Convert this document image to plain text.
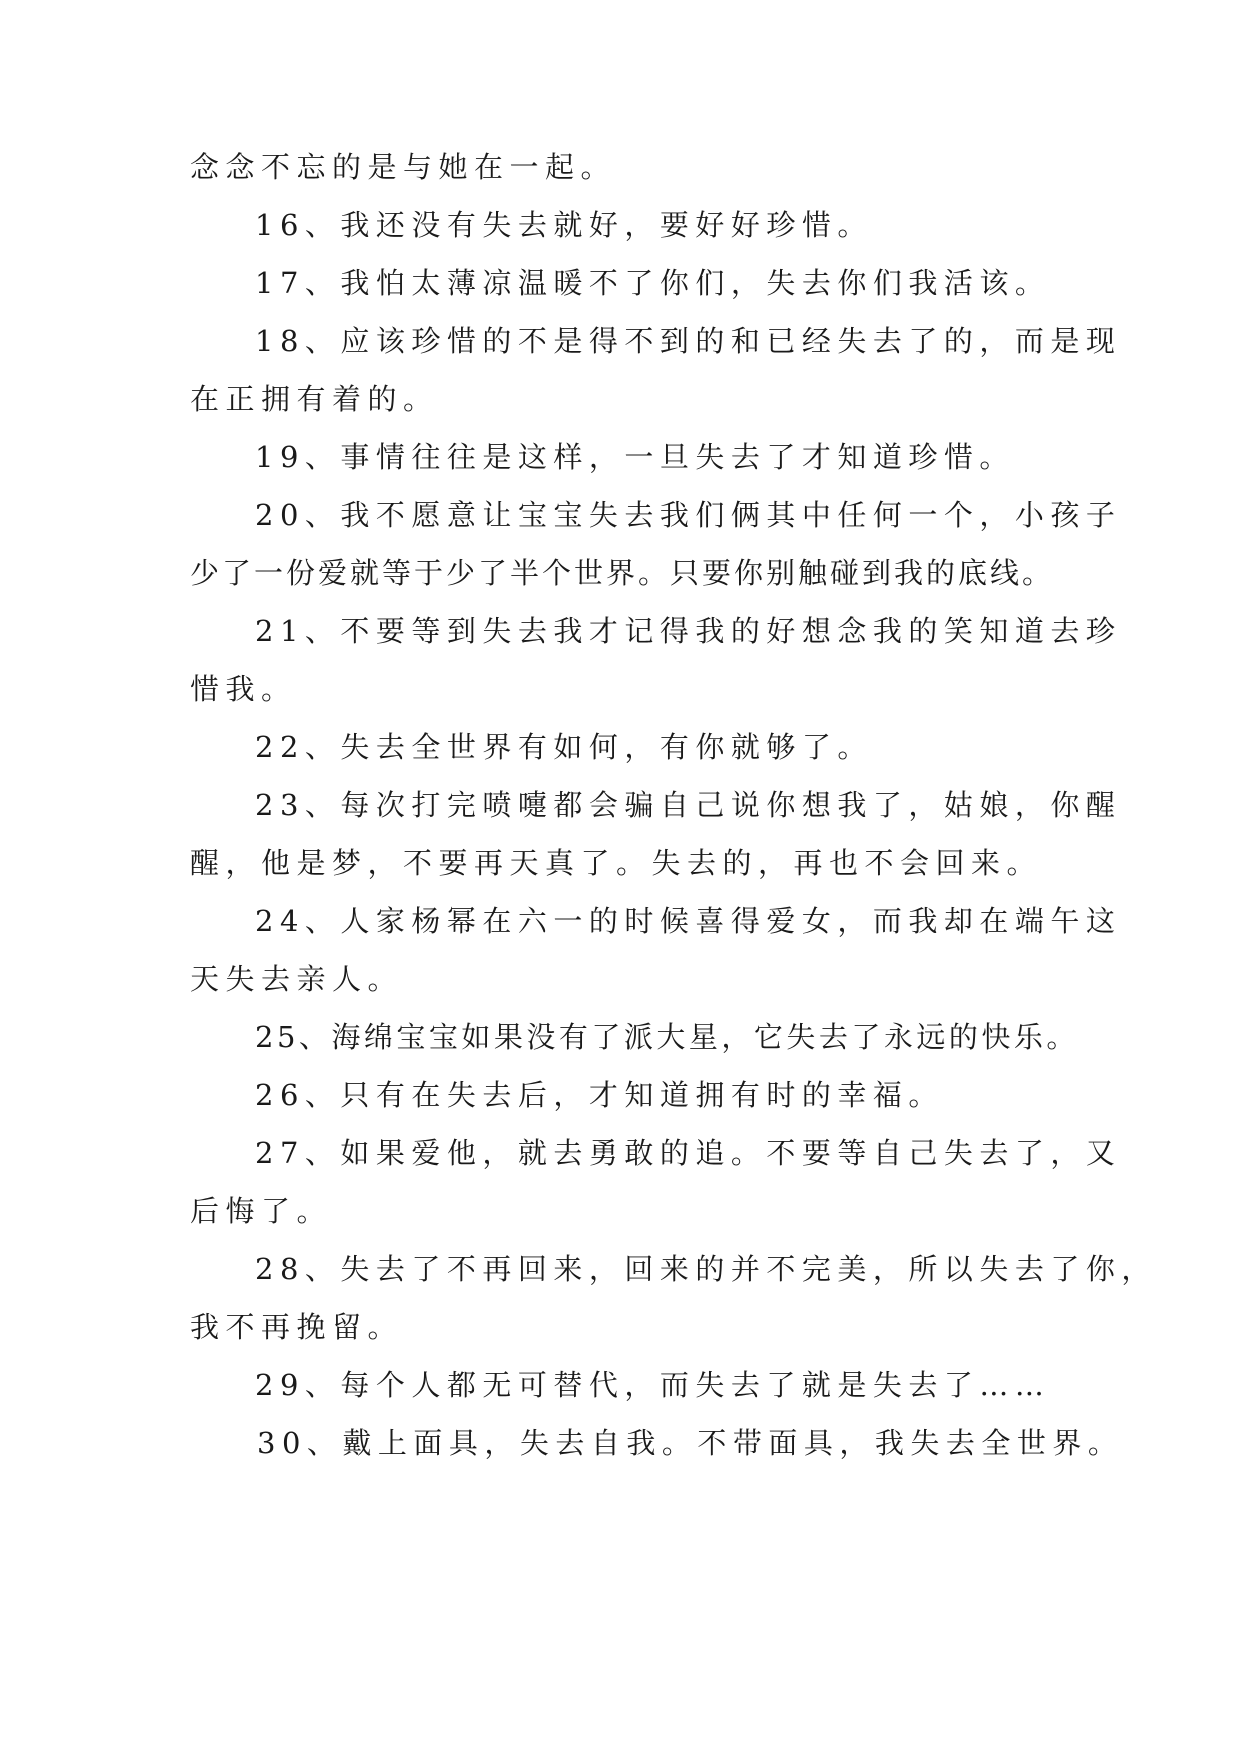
念念不忘的是与她在一起。
16、我还没有失去就好，要好好珍惜。
17、我怕太薄凉温暖不了你们，失去你们我活该。
18、应该珍惜的不是得不到的和已经失去了的，而是现
在正拥有着的。
19、事情往往是这样，一旦失去了才知道珍惜。
20、我不愿意让宝宝失去我们俩其中任何一个，小孩子
少了一份爱就等于少了半个世界。只要你别触碰到我的底线。
21、不要等到失去我才记得我的好想念我的笑知道去珍
惜我。
22、失去全世界有如何，有你就够了。
23、每次打完喷嚏都会骗自己说你想我了，姑娘，你醒
醒，他是梦，不要再天真了。失去的，再也不会回来。
24、人家杨幂在六一的时候喜得爱女，而我却在端午这
天失去亲人。
25、海绵宝宝如果没有了派大星，它失去了永远的快乐。
26、只有在失去后，才知道拥有时的幸福。
27、如果爱他，就去勇敢的追。不要等自己失去了，又
后悔了。
28、失去了不再回来，回来的并不完美，所以失去了你，
我不再挽留。
29、每个人都无可替代，而失去了就是失去了……
30、戴上面具，失去自我。不带面具，我失去全世界。
